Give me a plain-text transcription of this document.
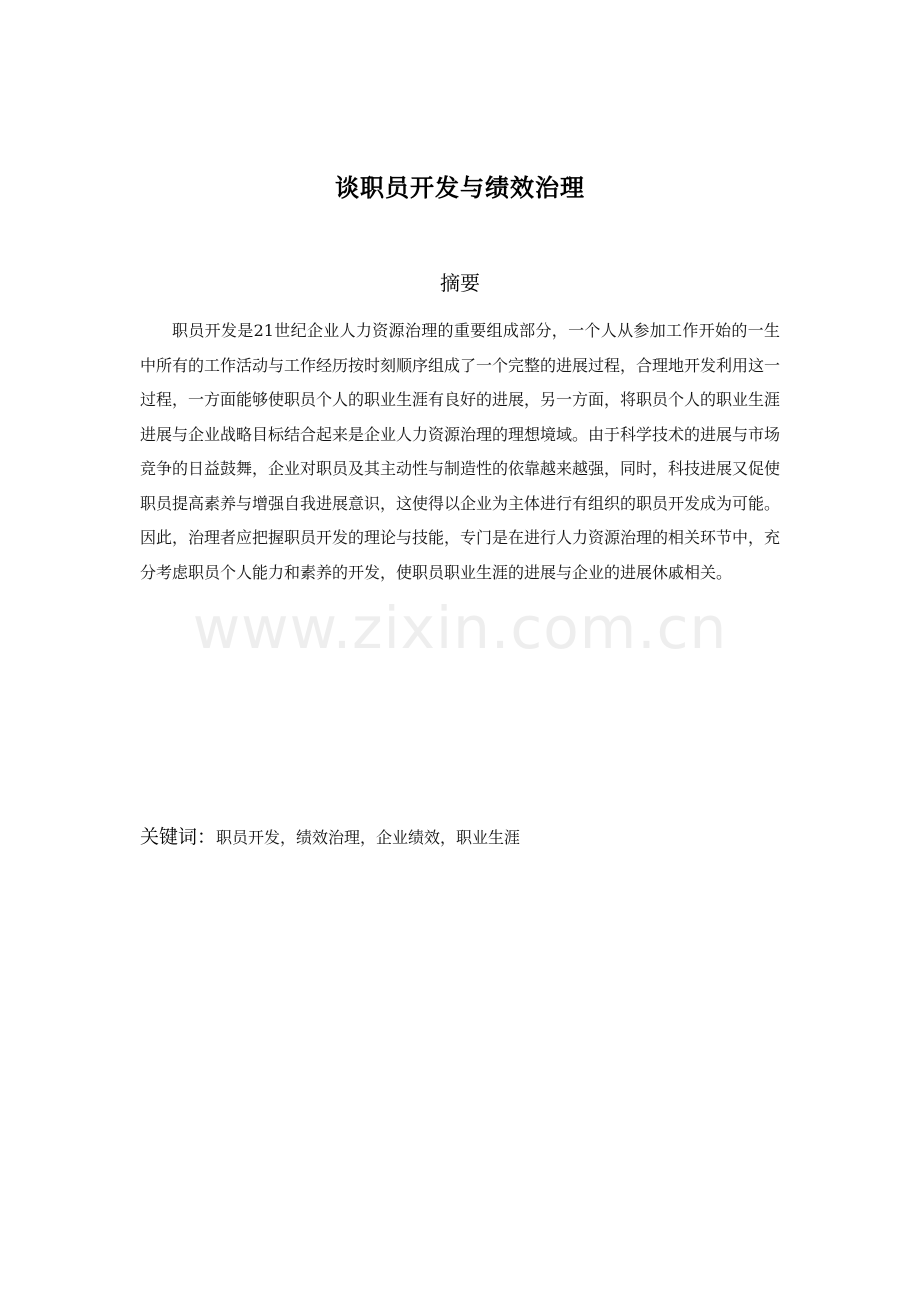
谈职员开发与绩效治理
摘要
职员开发是21世纪企业人力资源治理的重要组成部分，一个人从参加工作开始的一生中所有的工作活动与工作经历按时刻顺序组成了一个完整的进展过程，合理地开发利用这一过程，一方面能够使职员个人的职业生涯有良好的进展，另一方面，将职员个人的职业生涯进展与企业战略目标结合起来是企业人力资源治理的理想境域。由于科学技术的进展与市场竞争的日益鼓舞，企业对职员及其主动性与制造性的依靠越来越强，同时，科技进展又促使职员提高素养与增强自我进展意识，这使得以企业为主体进行有组织的职员开发成为可能。因此，治理者应把握职员开发的理论与技能，专门是在进行人力资源治理的相关环节中，充分考虑职员个人能力和素养的开发，使职员职业生涯的进展与企业的进展休戚相关。
关键词：职员开发，绩效治理，企业绩效，职业生涯
www.zixin.com.cn
